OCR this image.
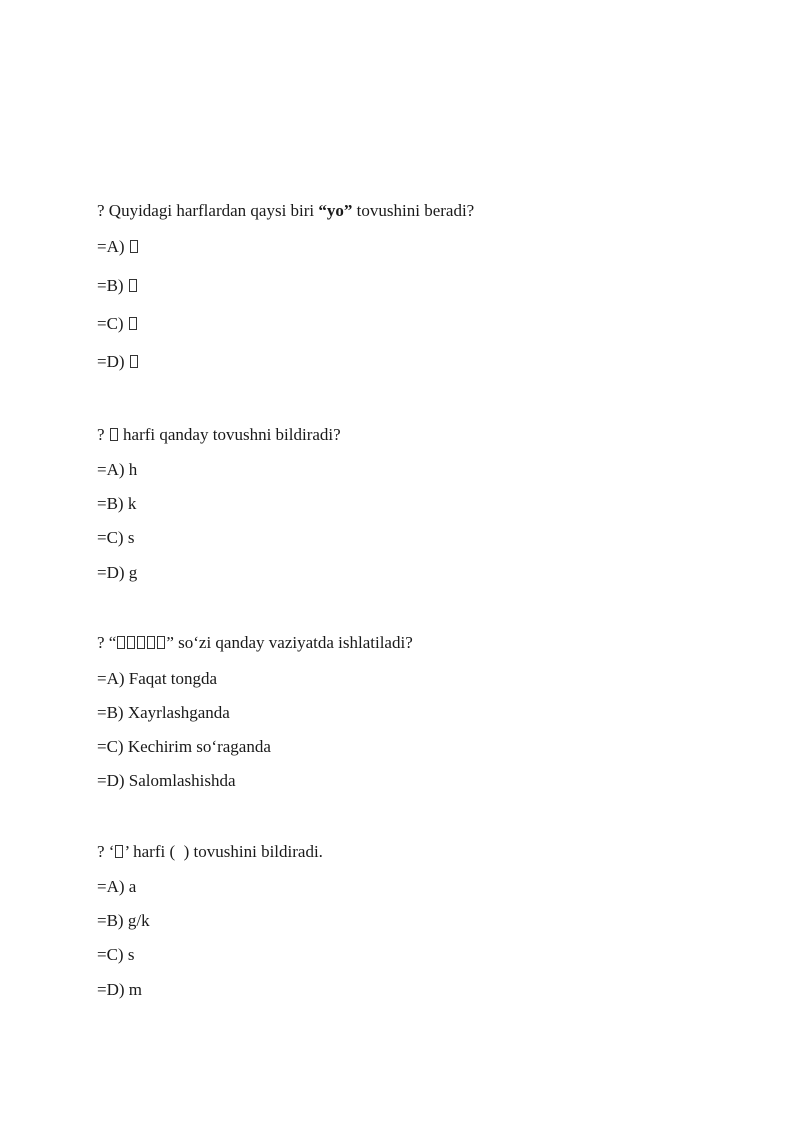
? Quyidagi harflardan qaysi biri “yo” tovushini beradi?
=A)
=B)
=C)
=D)
?  harfi qanday tovushni bildiradi?
=A) h
=B) k
=C) s
=D) g
? “	” so‘zi qanday vaziyatda ishlatiladi?
=A) Faqat tongda
=B) Xayrlashganda
=C) Kechirim so‘raganda
=D) Salomlashishda
? ‘ ’ harfi (  ) tovushini bildiradi.
=A) a
=B) g/k
=C) s
=D) m
